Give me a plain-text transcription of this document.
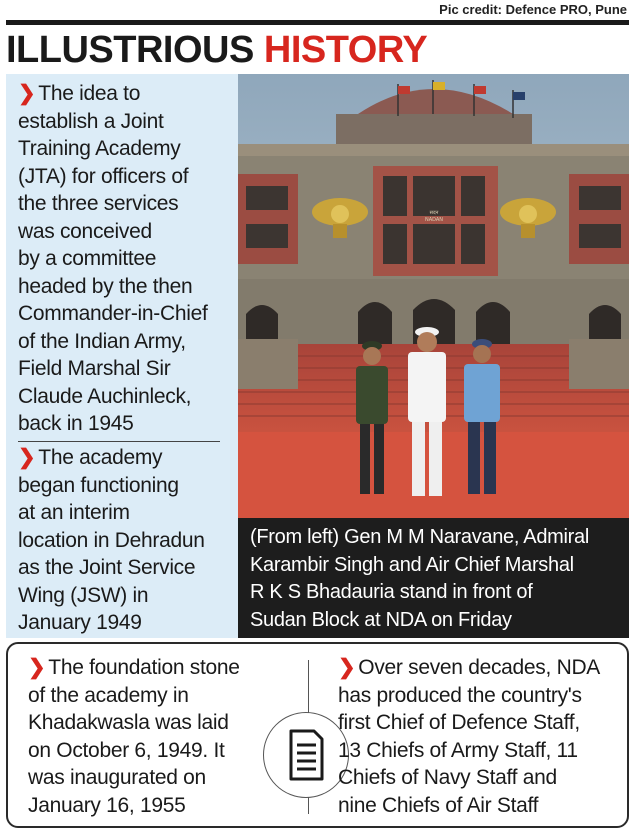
Pic credit: Defence PRO, Pune
ILLUSTRIOUS HISTORY
❯ The idea to
establish a Joint
Training Academy
(JTA) for officers of
the three services
was conceived
by a committee
headed by the then
Commander-in-Chief
of the Indian Army,
Field Marshal Sir
Claude Auchinleck,
back in 1945
❯ The academy
began functioning
at an interim
location in Dehradun
as the Joint Service
Wing (JSW) in
January 1949
सदन
NADAN
(From left) Gen M M Naravane, Admiral
Karambir Singh and Air Chief Marshal
R K S Bhadauria stand in front of
Sudan Block at NDA on Friday
❯ The foundation stone
of the academy in
Khadakwasla was laid
on October 6, 1949. It
was inaugurated on
January 16, 1955
❯ Over seven decades, NDA
has produced the country's
first Chief of Defence Staff,
13 Chiefs of Army Staff, 11
Chiefs of Navy Staff and
nine Chiefs of Air Staff
